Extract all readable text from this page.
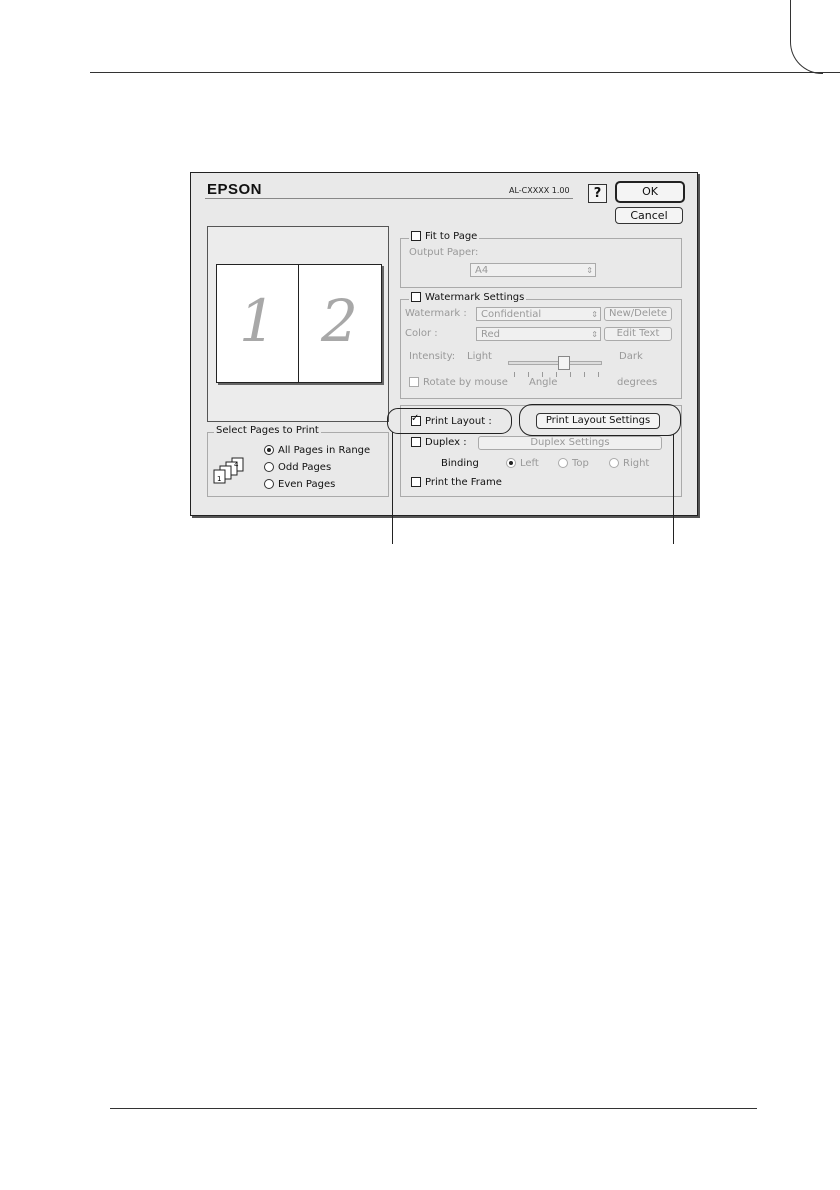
EPSON	AL-CXXXX 1.00	?	OK
Cancel
1 2
Select Pages to Print
1
4
All Pages in Range
Odd Pages
Even Pages
Fit to Page
Output Paper:
A4	⇕
Watermark Settings
Watermark :	Confidential	⇕	New/Delete
Color :	Red	⇕	Edit Text
Intensity: Light	Dark
Rotate by mouse Angle	degrees
✓Print Layout :
Duplex :	Duplex Settings
Binding	Left	Top	Right
Print the Frame
Print Layout Settings
